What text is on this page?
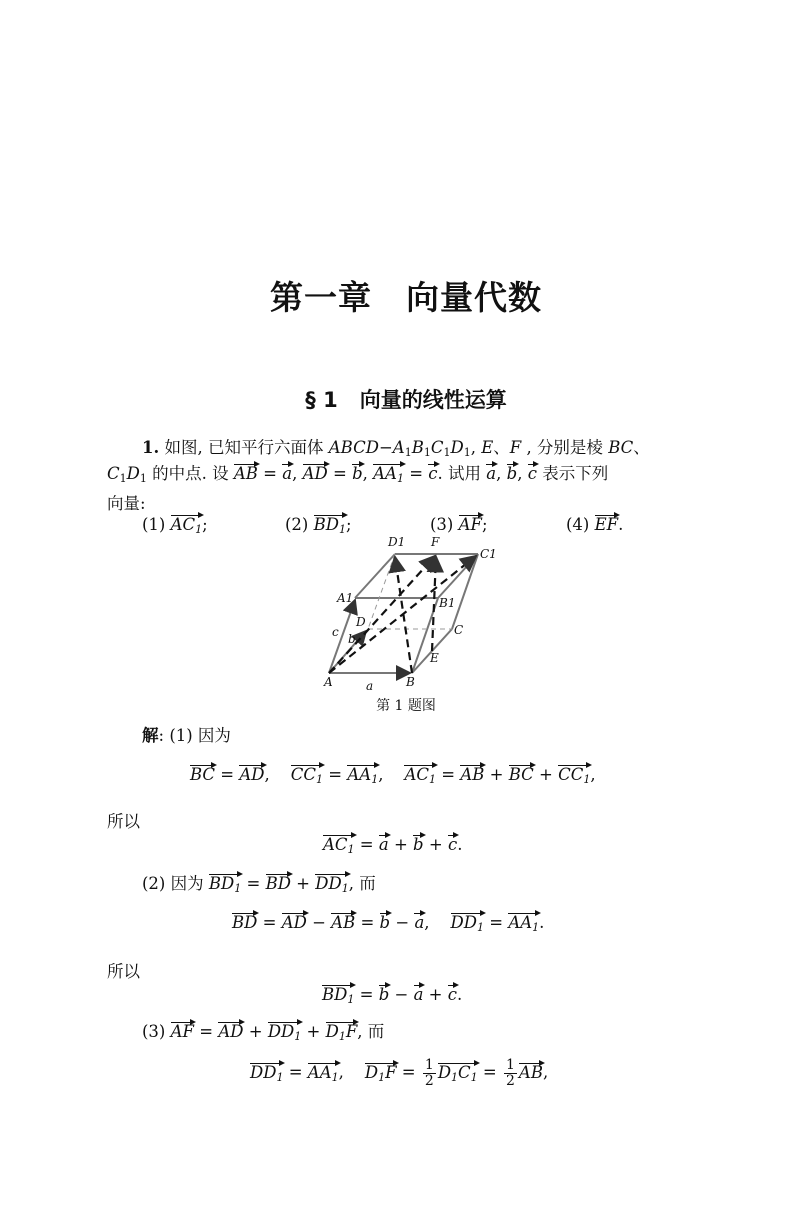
第一章　向量代数
§ 1 向量的线性运算
1. 如图, 已知平行六面体 $ABCD-A_1B_1C_1D_1$, E、F , 分别是棱 BC、
$C_1D_1$ 的中点. 设 AB
= a
, AD
= b
, $AA_1$
= c
. 试用 a
, b
, c 表示下列
向量:
(1) $AC_1$
;	(2) $BD_1$
;	(3) AF
;	(4) EF
.
D1 F
C1
A1	B1
D
C
E
A	B
a
b
c
第 1 题图
解: (1) 因为
BC
= AD
,    $CC_1$
= $AA_1$
,    $AC_1$
= AB
+ BC
+ $CC_1$
,
所以
$AC_1$
= a
+ b
+ c
.
(2) 因为 $BD_1$
= BD
+ $DD_1$
, 而
BD
= AD
− AB
= b
− a
,    $DD_1$
= $AA_1$
.
所以
$BD_1$
= b
− a
+ c
.
(3) AF
= AD
+ $DD_1$
+ $D_1F$
, 而
$DD_1$
= $AA_1$
,    $D_1F$
= $\frac{1}{2} D_1C_1$
= $\frac{1}{2}$ AB
,
